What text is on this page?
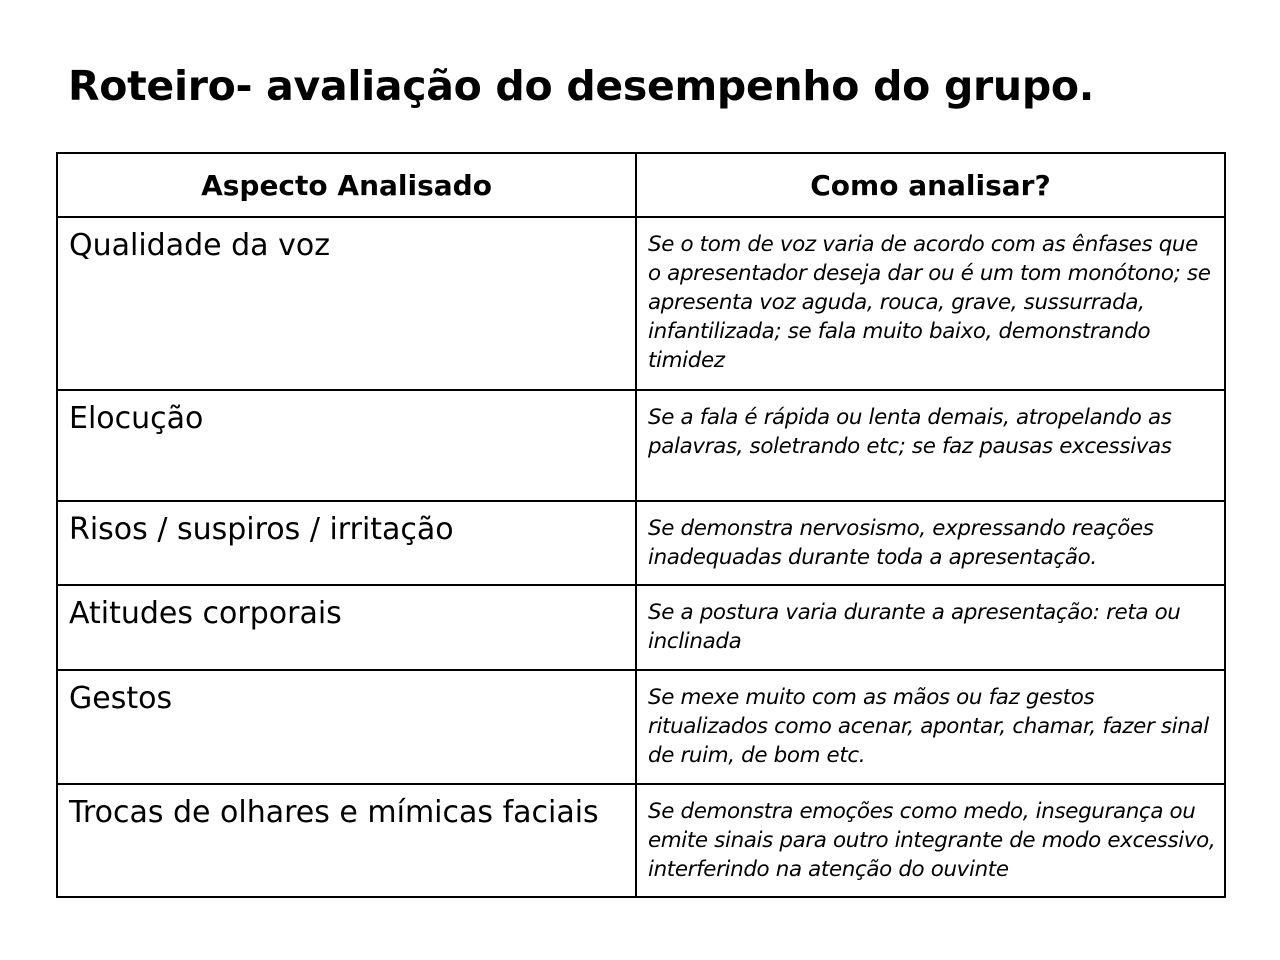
Roteiro- avaliação do desempenho do grupo.
Aspecto Analisado	Como analisar?
Qualidade da voz	Se o tom de voz varia de acordo com as ênfases que o apresentador deseja dar ou é um tom monótono; se apresenta voz aguda, rouca, grave, sussurrada, infantilizada; se fala muito baixo, demonstrando timidez
Elocução	Se a fala é rápida ou lenta demais, atropelando as palavras, soletrando etc; se faz pausas excessivas
Risos / suspiros / irritação	Se demonstra nervosismo, expressando reações inadequadas durante toda a apresentação.
Atitudes corporais	Se a postura varia durante a apresentação: reta ou inclinada
Gestos	Se mexe muito com as mãos ou faz gestos ritualizados como acenar, apontar, chamar, fazer sinal de ruim, de bom etc.
Trocas de olhares e mímicas faciais	Se demonstra emoções como medo, insegurança ou emite sinais para outro integrante de modo excessivo, interferindo na atenção do ouvinte
